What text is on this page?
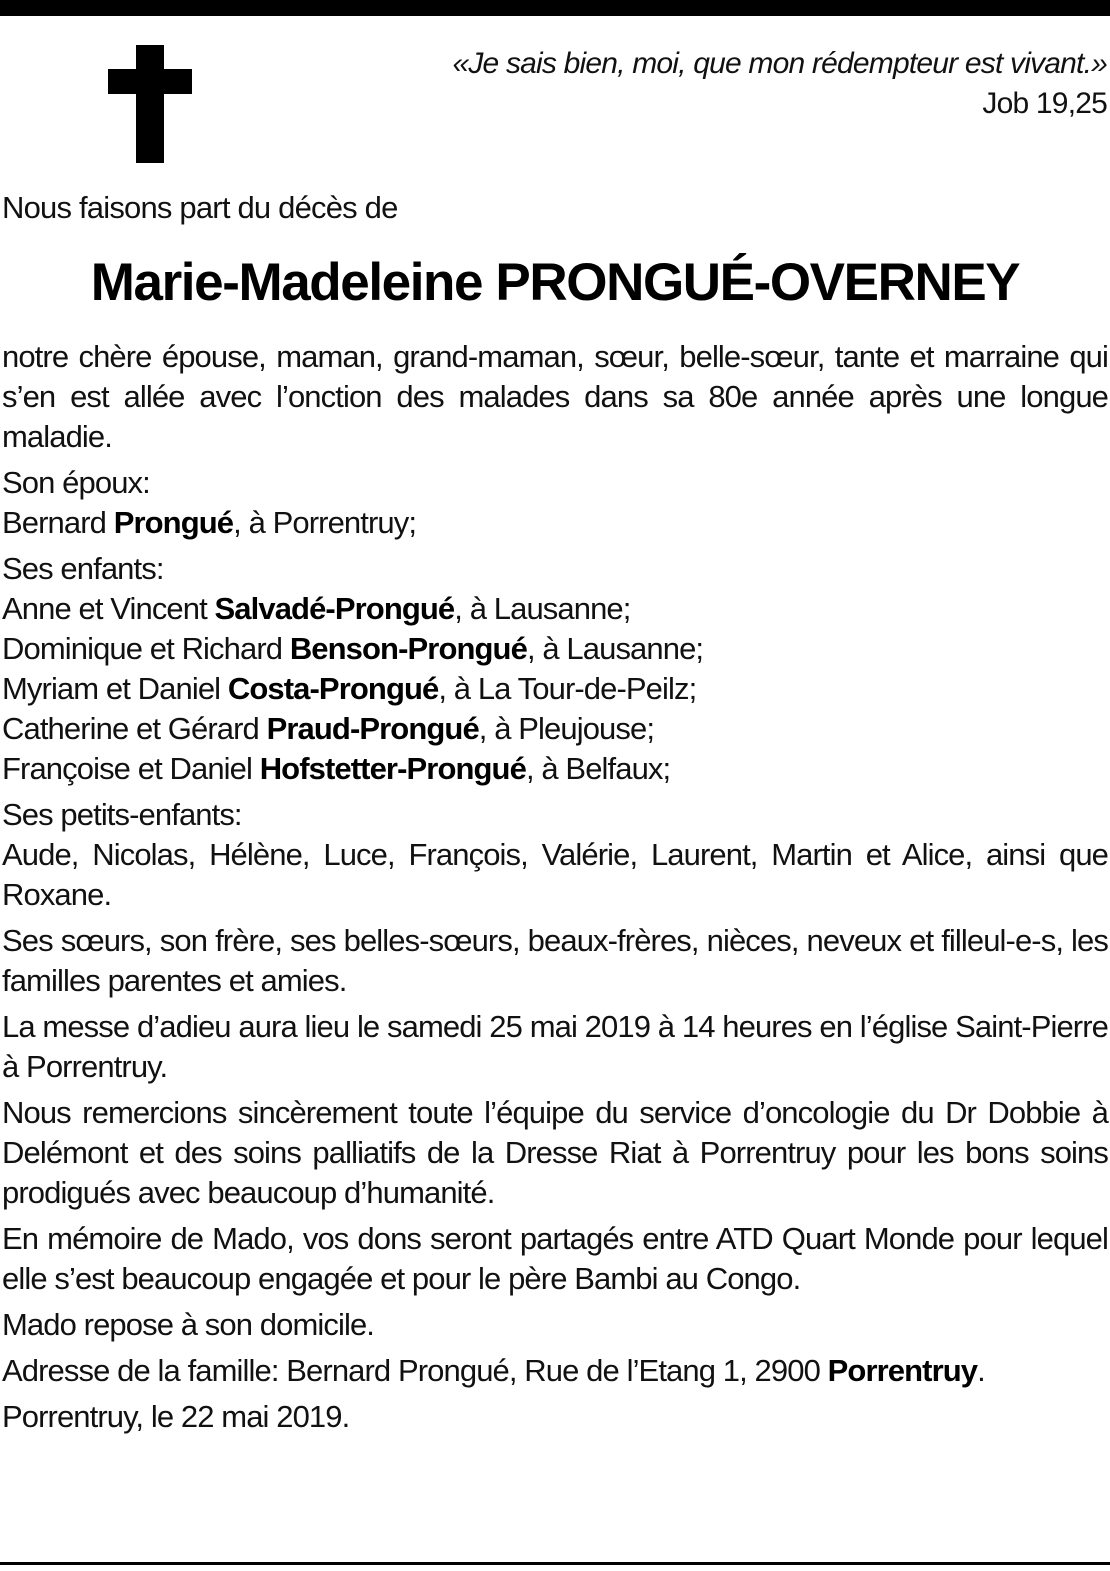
«Je sais bien, moi, que mon rédempteur est vivant.»
Job 19,25
Nous faisons part du décès de
Marie-Madeleine PRONGUÉ-OVERNEY

notre chère épouse, maman, grand-maman, sœur, belle-sœur, tante et marraine qui s’en est allée avec l’onction des malades dans sa 80e année après une longue maladie.

Son époux:
Bernard Prongué, à Porrentruy;

Ses enfants:
Anne et Vincent Salvadé-Prongué, à Lausanne;
Dominique et Richard Benson-Prongué, à Lausanne;
Myriam et Daniel Costa-Prongué, à La Tour-de-Peilz;
Catherine et Gérard Praud-Prongué, à Pleujouse;
Françoise et Daniel Hofstetter-Prongué, à Belfaux;

Ses petits-enfants:
Aude, Nicolas, Hélène, Luce, François, Valérie, Laurent, Martin et Alice, ainsi que Roxane.

Ses sœurs, son frère, ses belles-sœurs, beaux-frères, nièces, neveux et filleul-e-s, les familles parentes et amies.

La messe d’adieu aura lieu le samedi 25 mai 2019 à 14 heures en l’église Saint-Pierre à Porrentruy.

Nous remercions sincèrement toute l’équipe du service d’oncologie du Dr Dobbie à Delémont et des soins palliatifs de la Dresse Riat à Porrentruy pour les bons soins prodigués avec beaucoup d’humanité.

En mémoire de Mado, vos dons seront partagés entre ATD Quart Monde pour lequel elle s’est beaucoup engagée et pour le père Bambi au Congo.

Mado repose à son domicile.

Adresse de la famille: Bernard Prongué, Rue de l’Etang 1, 2900 Porrentruy.

Porrentruy, le 22 mai 2019.
